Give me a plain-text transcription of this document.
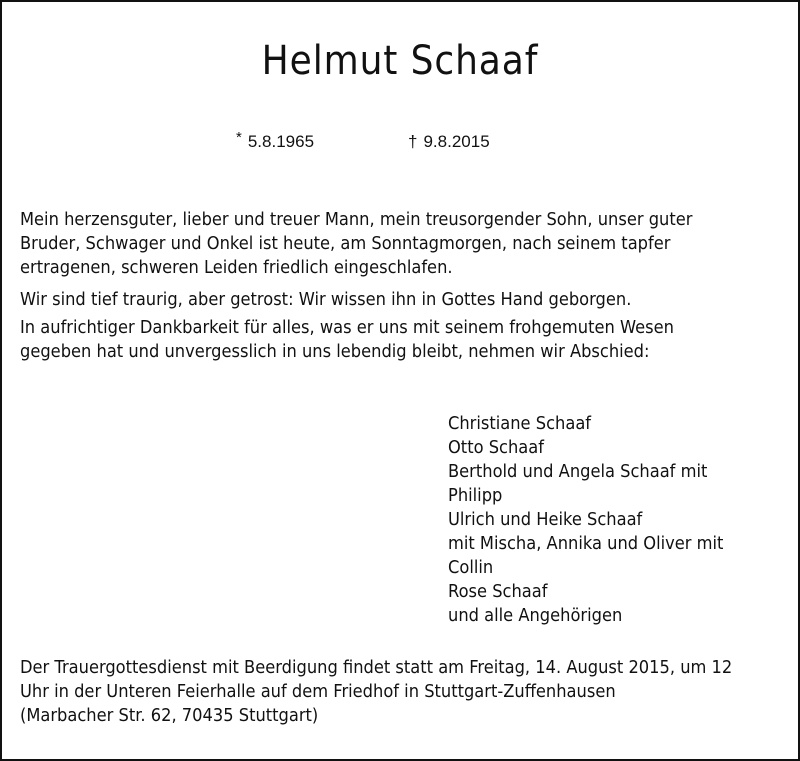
Helmut Schaaf
* 5.8.1965	† 9.8.2015

Mein herzensguter, lieber und treuer Mann, mein treusorgender Sohn, unser guter

Bruder, Schwager und Onkel ist heute, am Sonntagmorgen, nach seinem tapfer

ertragenen, schweren Leiden friedlich eingeschlafen.

Wir sind tief traurig, aber getrost: Wir wissen ihn in Gottes Hand geborgen.

In aufrichtiger Dankbarkeit für alles, was er uns mit seinem frohgemuten Wesen

gegeben hat und unvergesslich in uns lebendig bleibt, nehmen wir Abschied:

Christiane Schaaf
Otto Schaaf
Berthold und Angela Schaaf mit
Philipp
Ulrich und Heike Schaaf
mit Mischa, Annika und Oliver mit
Collin
Rose Schaaf
und alle Angehörigen
Der Trauergottesdienst mit Beerdigung findet statt am Freitag, 14. August 2015, um 12
Uhr in der Unteren Feierhalle auf dem Friedhof in Stuttgart-Zuffenhausen
(Marbacher Str. 62, 70435 Stuttgart)
